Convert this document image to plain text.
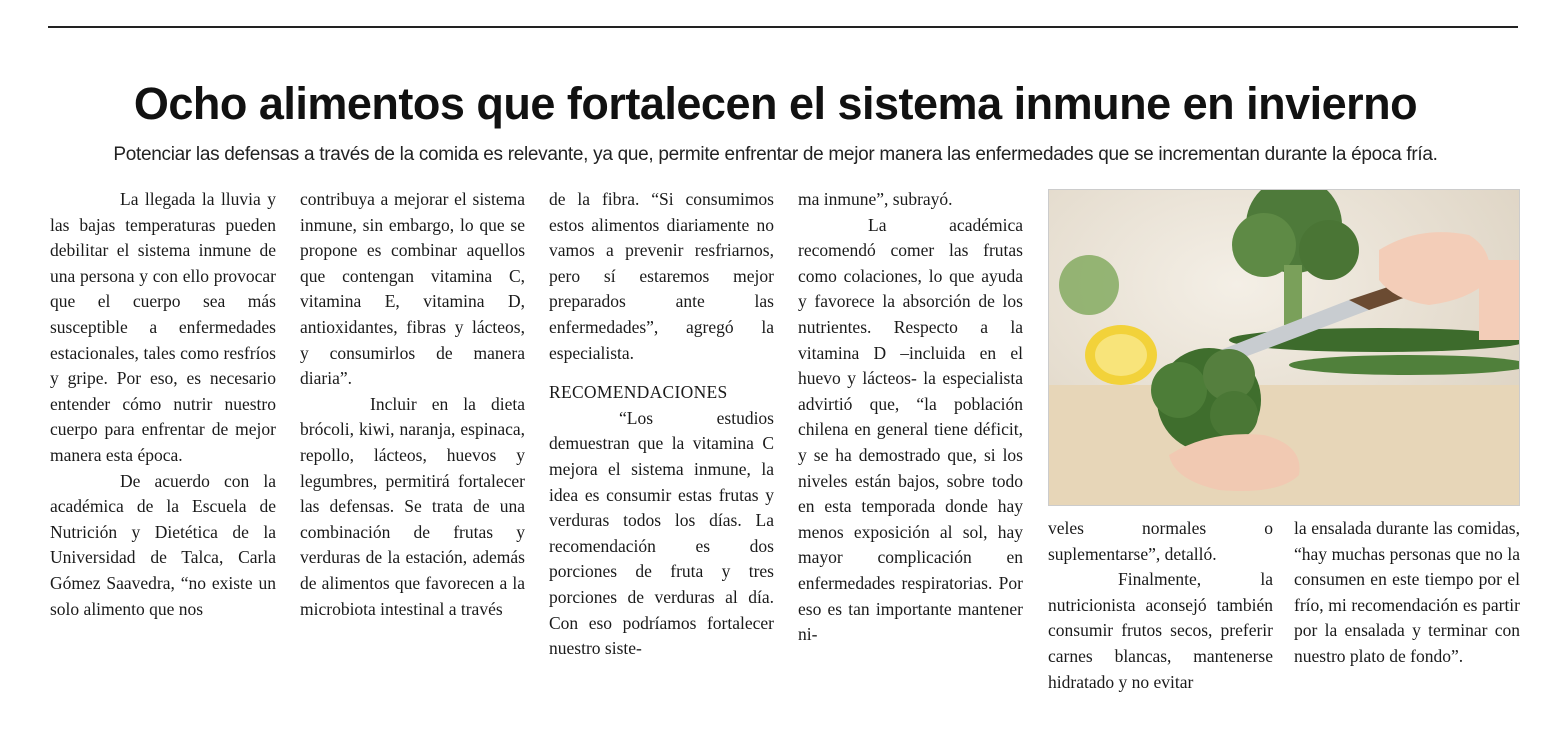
Ocho alimentos que fortalecen el sistema inmune en invierno
Potenciar las defensas a través de la comida es relevante, ya que, permite enfrentar de mejor manera las enfermedades que se incrementan durante la época fría.

La llegada la lluvia y las bajas temperaturas pueden debilitar el sistema inmune de una persona y con ello provocar que el cuerpo sea más susceptible a enfermedades estacionales, tales como resfríos y gripe. Por eso, es necesario entender cómo nutrir nuestro cuerpo para enfrentar de mejor manera esta época.

De acuerdo con la académica de la Escuela de Nutrición y Dietética de la Universidad de Talca, Carla Gómez Saavedra, “no existe un solo alimento que nos

contribuya a mejorar el sistema inmune, sin embargo, lo que se propone es combinar aquellos que contengan vitamina C, vitamina E, vitamina D, antioxidantes, fibras y lácteos, y consumirlos de manera diaria”.

Incluir en la dieta brócoli, kiwi, naranja, espinaca, repollo, lácteos, huevos y legumbres, permitirá fortalecer las defensas. Se trata de una combinación de frutas y verduras de la estación, además de alimentos que favorecen a la microbiota intestinal a través

de la fibra. “Si consumimos estos alimentos diariamente no vamos a prevenir resfriarnos, pero sí estaremos mejor preparados ante las enfermedades”, agregó la especialista.

RECOMENDACIONES

“Los estudios demuestran que la vitamina C mejora el sistema inmune, la idea es consumir estas frutas y verduras todos los días. La recomendación es dos porciones de fruta y tres porciones de verduras al día. Con eso podríamos fortalecer nuestro siste-

ma inmune”, subrayó.

La académica recomendó comer las frutas como colaciones, lo que ayuda y favorece la absorción de los nutrientes. Respecto a la vitamina D –incluida en el huevo y lácteos- la especialista advirtió que, “la población chilena en general tiene déficit, y se ha demostrado que, si los niveles están bajos, sobre todo en esta temporada donde hay menos exposición al sol, hay mayor complicación en enfermedades respiratorias. Por eso es tan importante mantener ni-

veles normales o suplementarse”, detalló.

Finalmente, la nutricionista aconsejó también consumir frutos secos, preferir carnes blancas, mantenerse hidratado y no evitar

la ensalada durante las comidas, “hay muchas personas que no la consumen en este tiempo por el frío, mi recomendación es partir por la ensalada y terminar con nuestro plato de fondo”.
